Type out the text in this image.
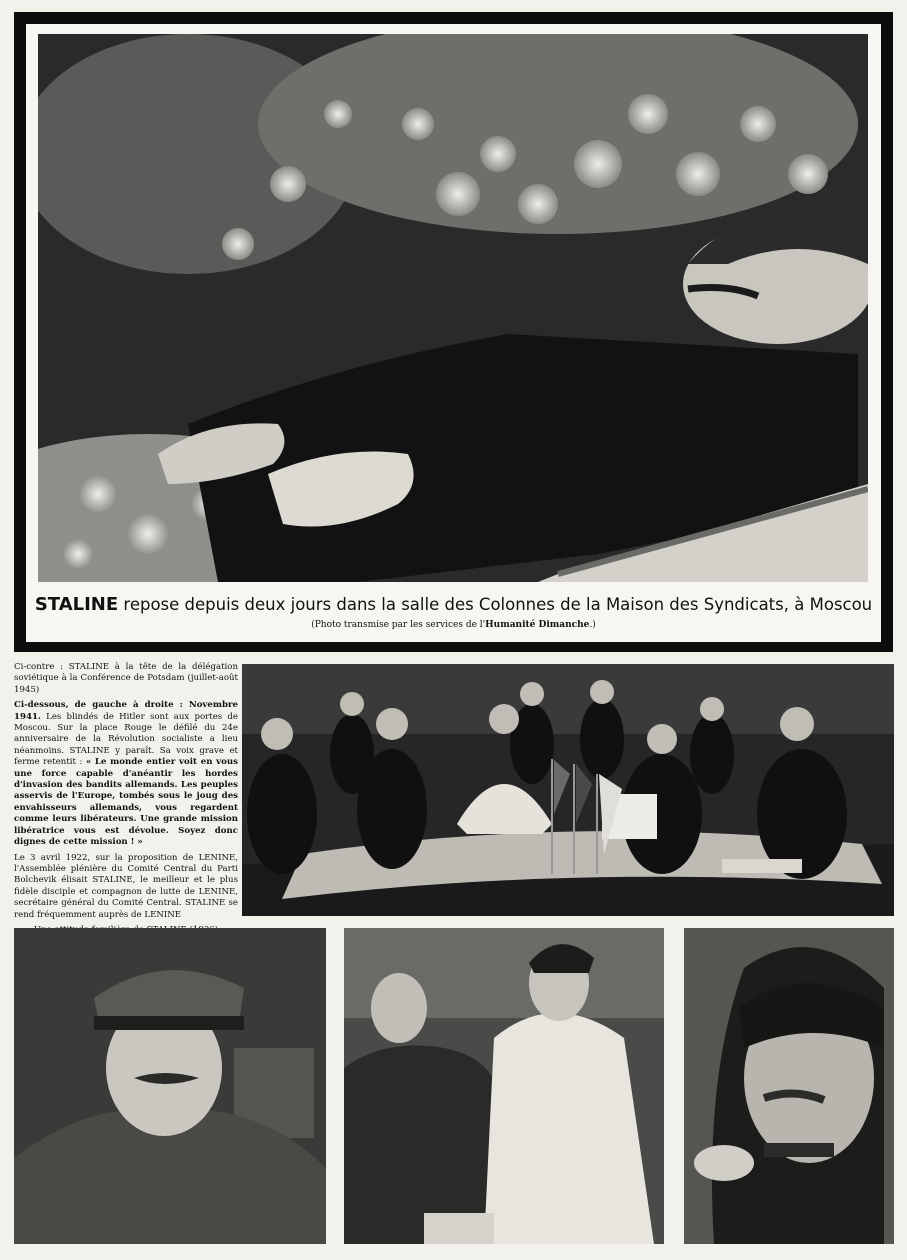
STALINE repose depuis deux jours dans la salle des Colonnes de la Maison des Syndicats, à Moscou
(Photo transmise par les services de l'Humanité Dimanche.)

Ci-contre : STALINE à la tête de la délégation soviétique à la Conférence de Potsdam (juillet-août 1945)

Ci-dessous, de gauche à droite : Novembre 1941. Les blindés de Hitler sont aux portes de Moscou. Sur la place Rouge le défilé du 24e anniversaire de la Révolution socialiste a lieu néanmoins. STALINE y paraît. Sa voix grave et ferme retentit : « Le monde entier voit en vous une force capable d'anéantir les hordes d'invasion des bandits allemands. Les peuples asservis de l'Europe, tombés sous le joug des envahisseurs allemands, vous regardent comme leurs libérateurs. Une grande mission libératrice vous est dévolue. Soyez donc dignes de cette mission ! »

Le 3 avril 1922, sur la proposition de LENINE, l'Assemblée plénière du Comité Central du Parti Bolchevik élisait STALINE, le meilleur et le plus fidèle disciple et compagnon de lutte de LENINE, secrétaire général du Comité Central. STALINE se rend fréquemment auprès de LENINE
